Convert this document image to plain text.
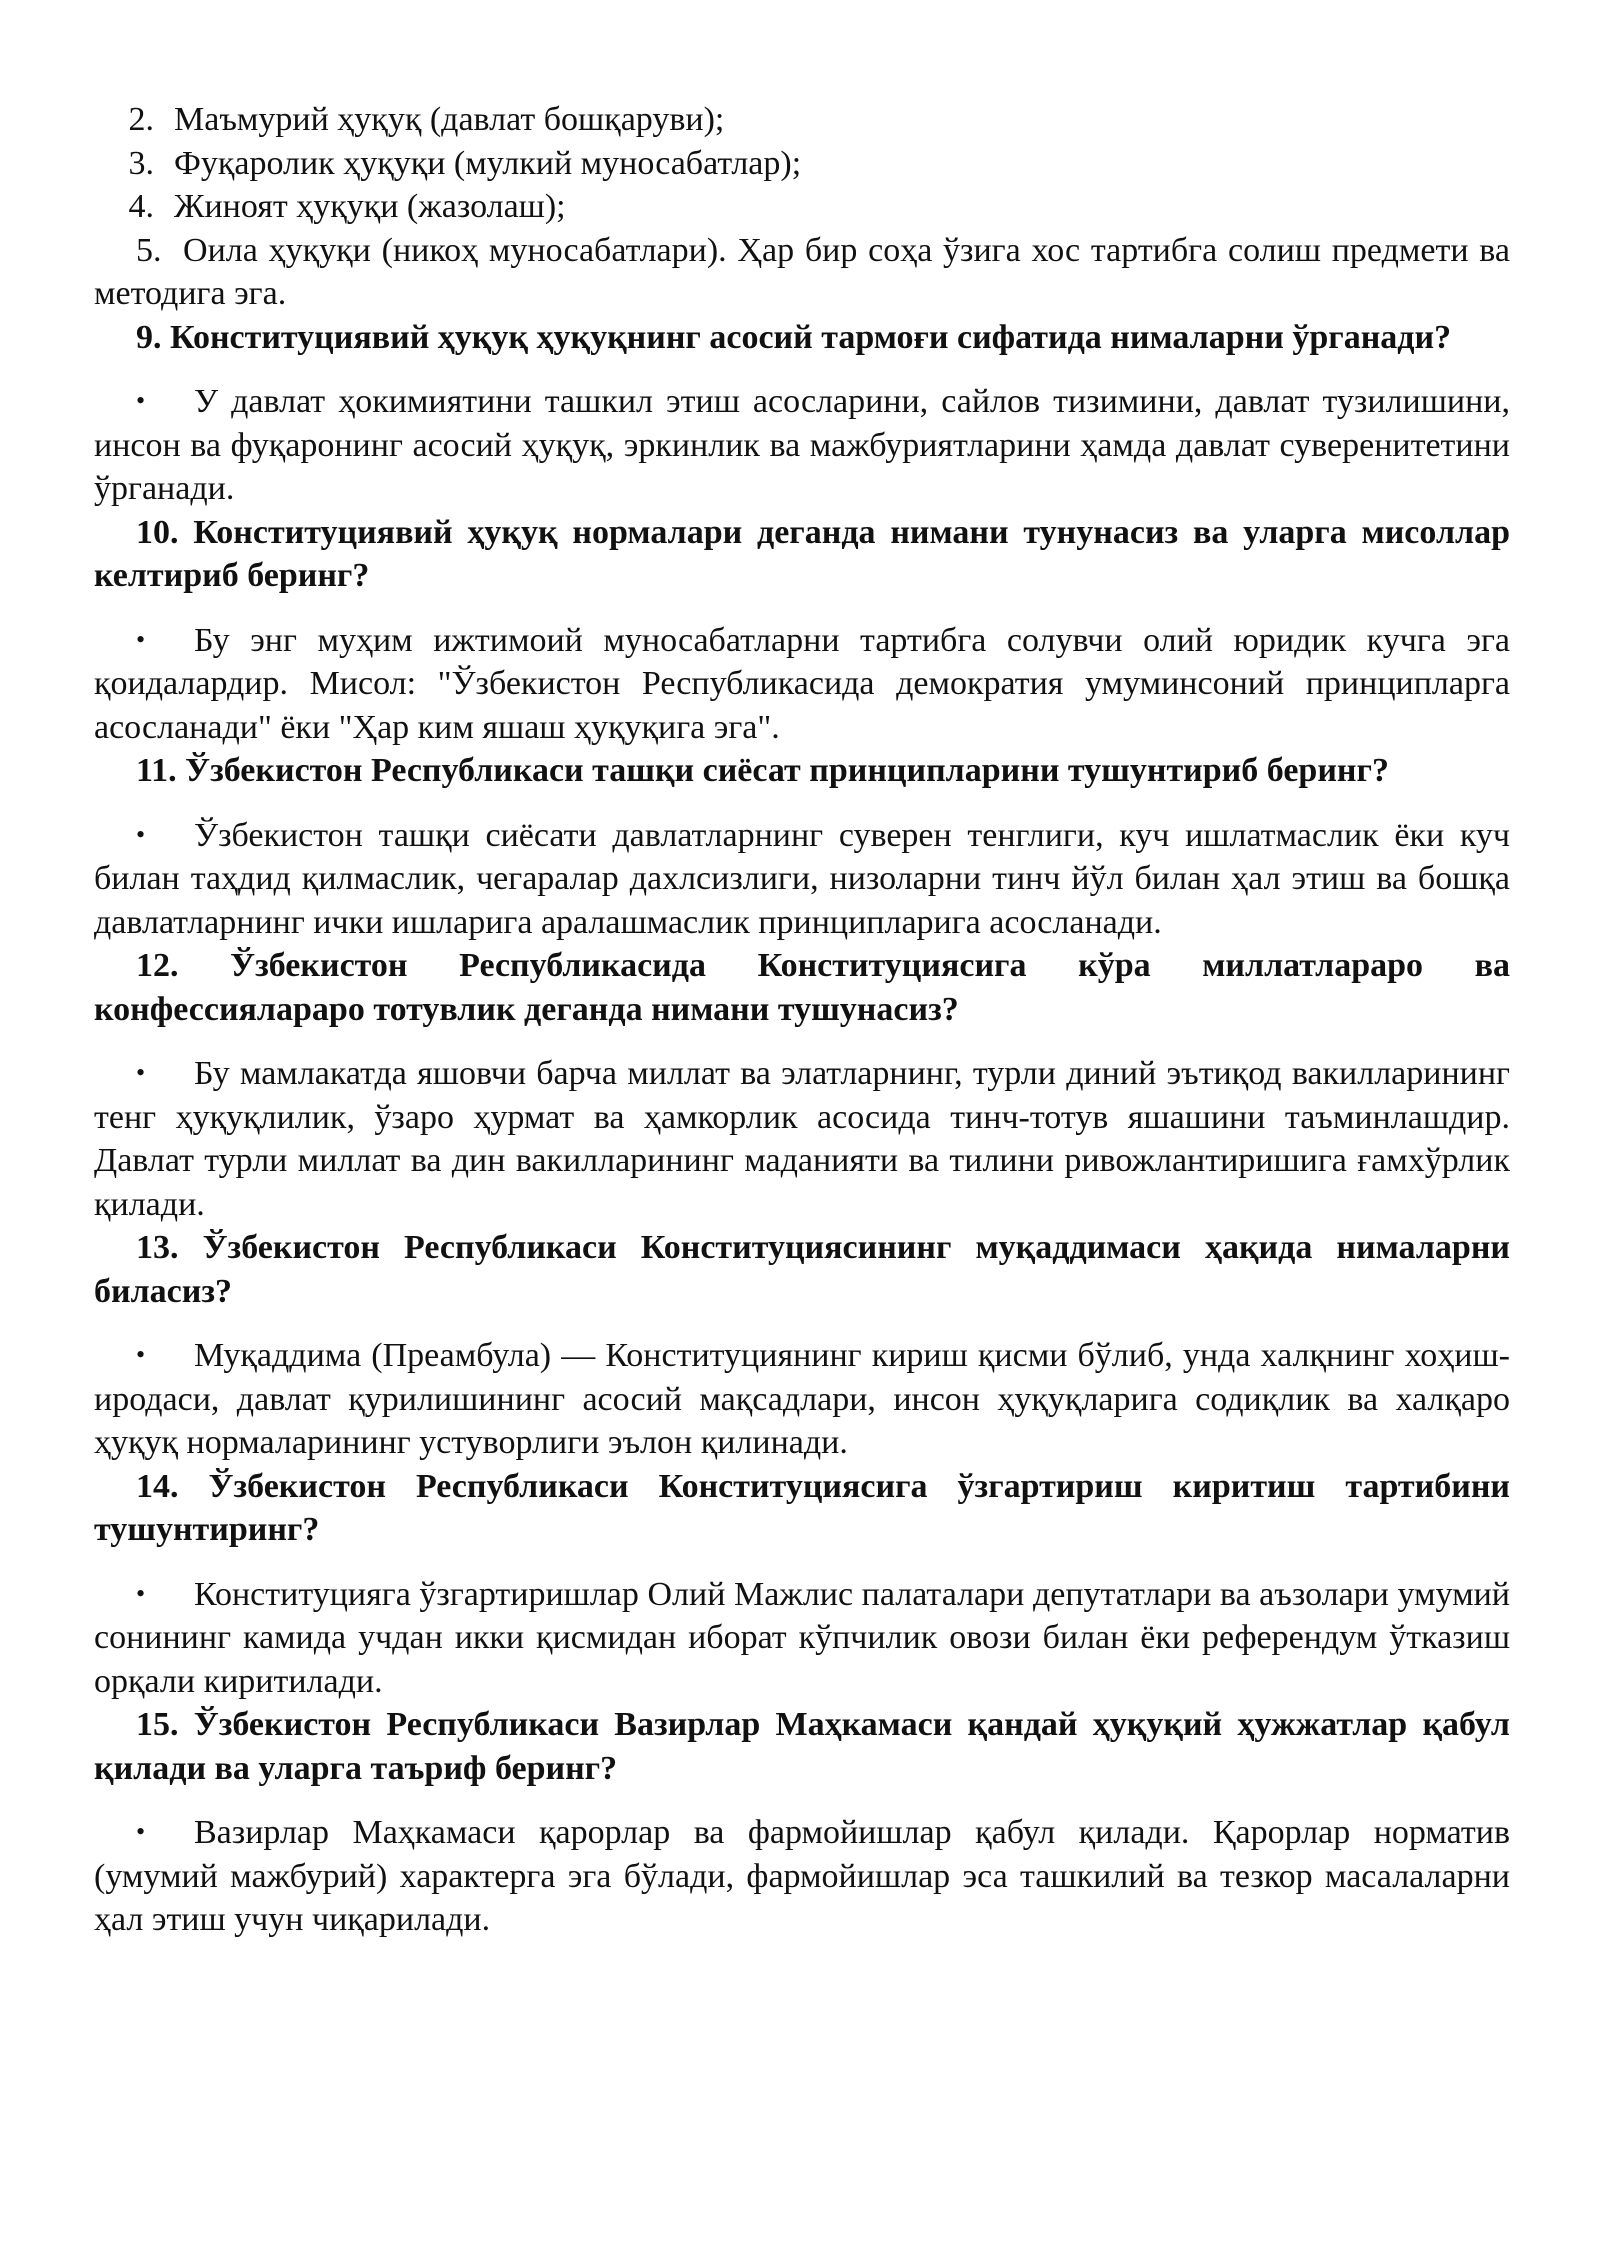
2. Маъмурий ҳуқуқ (давлат бошқаруви);
3. Фуқаролик ҳуқуқи (мулкий муносабатлар);
4. Жиноят ҳуқуқи (жазолаш);

5. Оила ҳуқуқи (никоҳ муносабатлари). Ҳар бир соҳа ўзига хос тартибга солиш предмети ва методига эга.

9. Конституциявий ҳуқуқ ҳуқуқнинг асосий тармоғи сифатида нималарни ўрганади?

•У давлат ҳокимиятини ташкил этиш асосларини, сайлов тизимини, давлат тузилишини, инсон ва фуқаронинг асосий ҳуқуқ, эркинлик ва мажбуриятларини ҳамда давлат суверенитетини ўрганади.

10. Конституциявий ҳуқуқ нормалари деганда нимани тунунасиз ва уларга мисоллар келтириб беринг?

•Бу энг муҳим ижтимоий муносабатларни тартибга солувчи олий юридик кучга эга қоидалардир. Мисол: "Ўзбекистон Республикасида демократия умуминсоний принципларга асосланади" ёки "Ҳар ким яшаш ҳуқуқига эга".

11. Ўзбекистон Республикаси ташқи сиёсат принципларини тушунтириб беринг?

•Ўзбекистон ташқи сиёсати давлатларнинг суверен тенглиги, куч ишлатмаслик ёки куч билан таҳдид қилмаслик, чегаралар дахлсизлиги, низоларни тинч йўл билан ҳал этиш ва бошқа давлатларнинг ички ишларига аралашмаслик принципларига асосланади.

12. Ўзбекистон Республикасида Конституциясига кўра миллатлараро ва конфессиялараро тотувлик деганда нимани тушунасиз?

•Бу мамлакатда яшовчи барча миллат ва элатларнинг, турли диний эътиқод вакилларининг тенг ҳуқуқлилик, ўзаро ҳурмат ва ҳамкорлик асосида тинч-тотув яшашини таъминлашдир. Давлат турли миллат ва дин вакилларининг маданияти ва тилини ривожлантиришига ғамхўрлик қилади.

13. Ўзбекистон Республикаси Конституциясининг муқаддимаси ҳақида нималарни биласиз?

•Муқаддима (Преамбула) — Конституциянинг кириш қисми бўлиб, унда халқнинг хоҳиш-иродаси, давлат қурилишининг асосий мақсадлари, инсон ҳуқуқларига содиқлик ва халқаро ҳуқуқ нормаларининг устуворлиги эълон қилинади.

14. Ўзбекистон Республикаси Конституциясига ўзгартириш киритиш тартибини тушунтиринг?

•Конституцияга ўзгартиришлар Олий Мажлис палаталари депутатлари ва аъзолари умумий сонининг камида учдан икки қисмидан иборат кўпчилик овози билан ёки референдум ўтказиш орқали киритилади.

15. Ўзбекистон Республикаси Вазирлар Маҳкамаси қандай ҳуқуқий ҳужжатлар қабул қилади ва уларга таъриф беринг?

•Вазирлар Маҳкамаси қарорлар ва фармойишлар қабул қилади. Қарорлар норматив (умумий мажбурий) характерга эга бўлади, фармойишлар эса ташкилий ва тезкор масалаларни ҳал этиш учун чиқарилади.
